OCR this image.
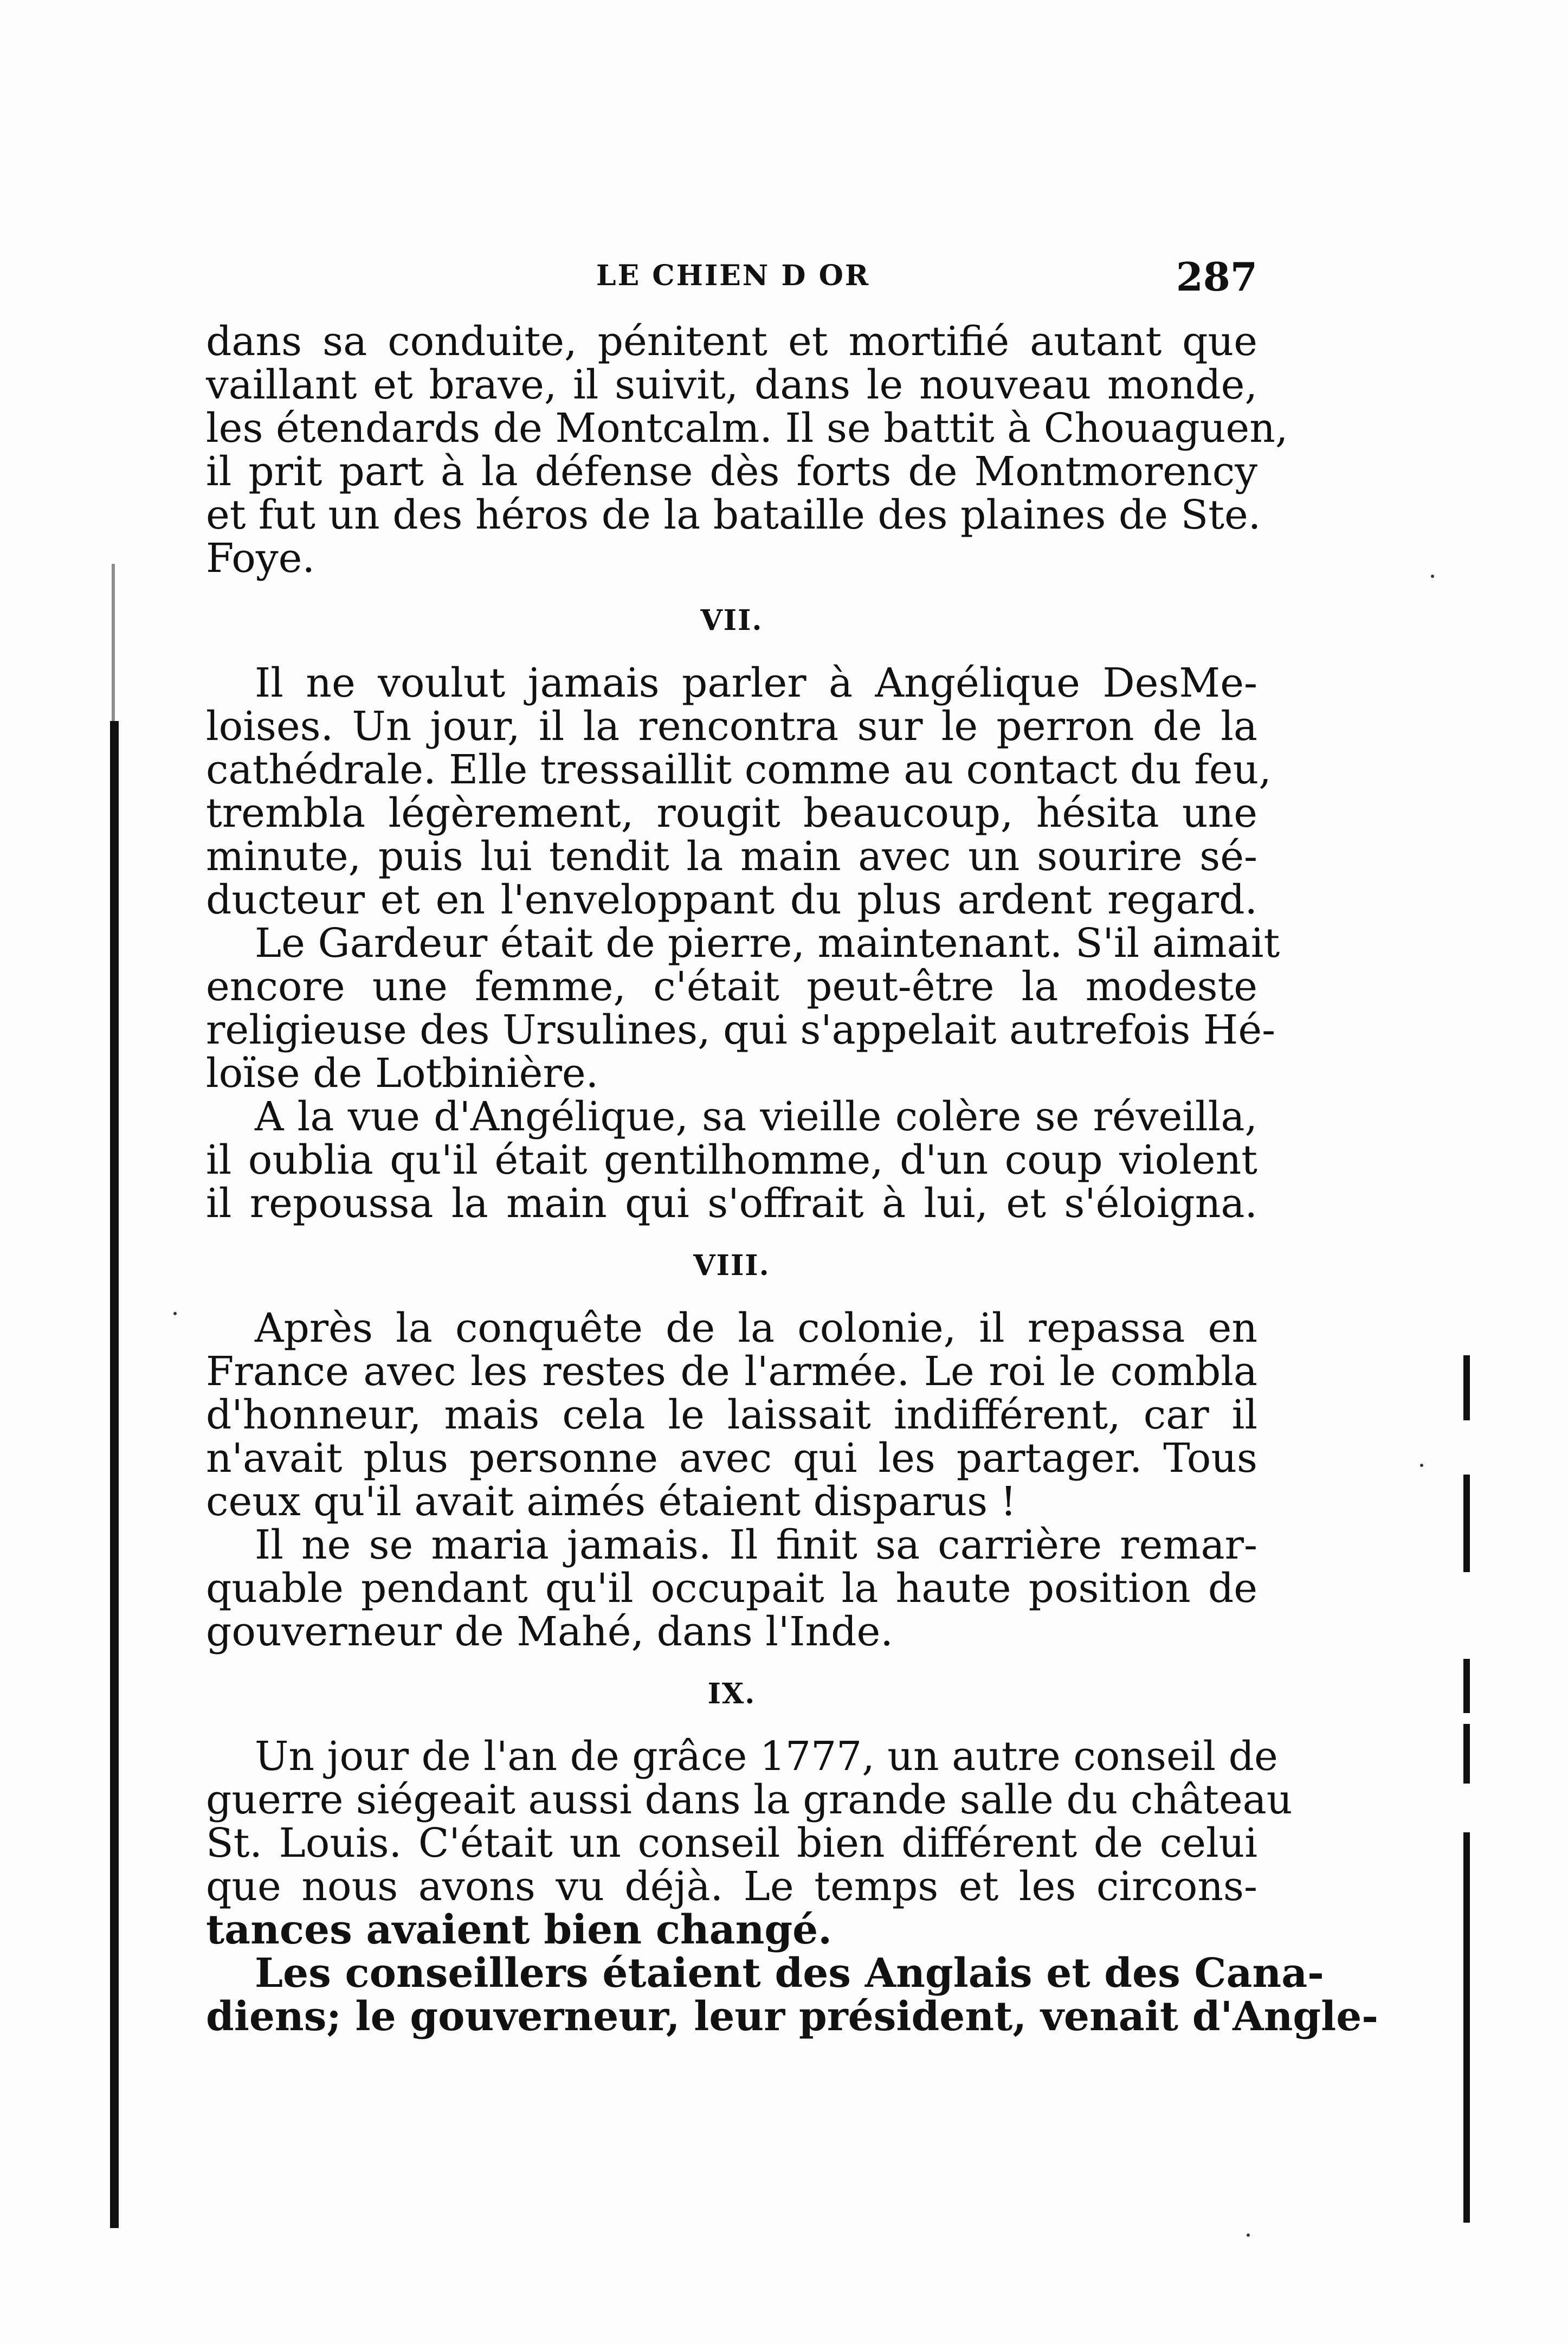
LE CHIEN D OR	287
dans sa conduite, pénitent et mortifié autant que
vaillant et brave, il suivit, dans le nouveau monde,
les étendards de Montcalm. Il se battit à Chouaguen,
il prit part à la défense dès forts de Montmorency
et fut un des héros de la bataille des plaines de Ste.
Foye.
VII.
Il ne voulut jamais parler à Angélique DesMe-
loises. Un jour, il la rencontra sur le perron de la
cathédrale. Elle tressaillit comme au contact du feu,
trembla légèrement, rougit beaucoup, hésita une
minute, puis lui tendit la main avec un sourire sé-
ducteur et en l'enveloppant du plus ardent regard.
Le Gardeur était de pierre, maintenant. S'il aimait
encore une femme, c'était peut-être la modeste
religieuse des Ursulines, qui s'appelait autrefois Hé-
loïse de Lotbinière.
A la vue d'Angélique, sa vieille colère se réveilla,
il oublia qu'il était gentilhomme, d'un coup violent
il repoussa la main qui s'offrait à lui, et s'éloigna.
VIII.
Après la conquête de la colonie, il repassa en
France avec les restes de l'armée. Le roi le combla
d'honneur, mais cela le laissait indifférent, car il
n'avait plus personne avec qui les partager. Tous
ceux qu'il avait aimés étaient disparus !
Il ne se maria jamais. Il finit sa carrière remar-
quable pendant qu'il occupait la haute position de
gouverneur de Mahé, dans l'Inde.
IX.
Un jour de l'an de grâce 1777, un autre conseil de
guerre siégeait aussi dans la grande salle du château
St. Louis. C'était un conseil bien différent de celui
que nous avons vu déjà. Le temps et les circons-
tances avaient bien changé.
Les conseillers étaient des Anglais et des Cana-
diens; le gouverneur, leur président, venait d'Angle-
